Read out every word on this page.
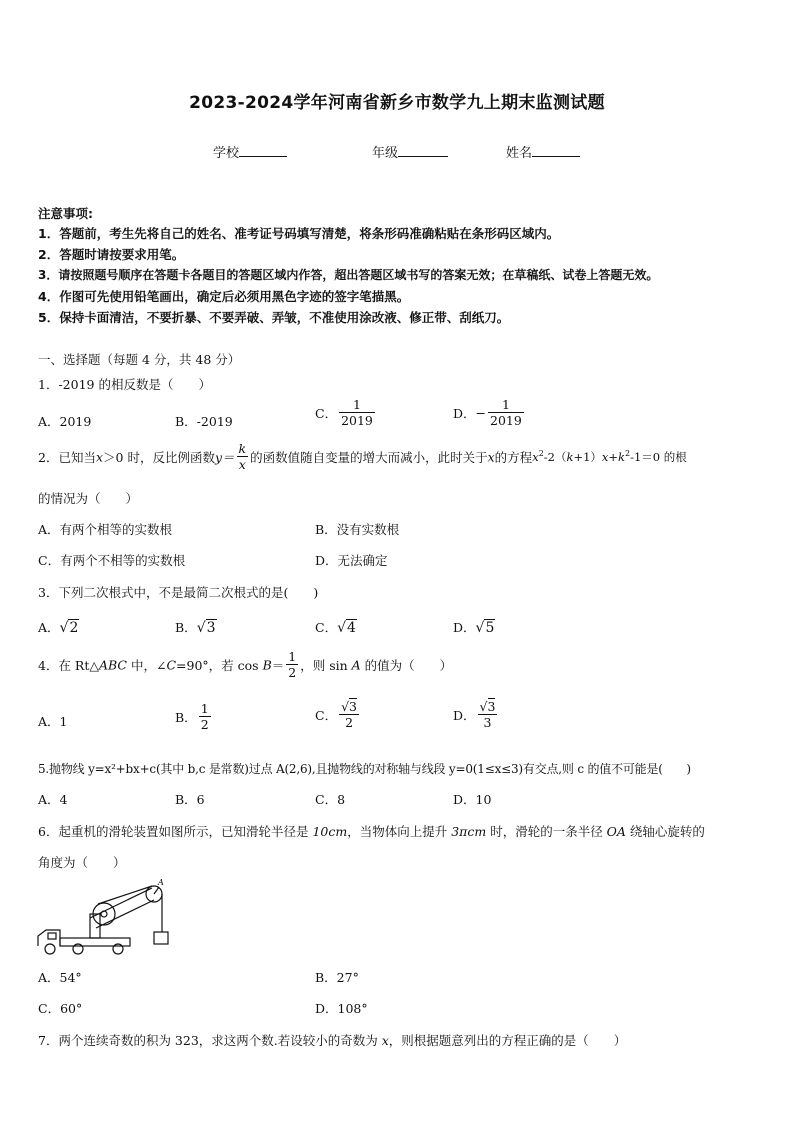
2023-2024学年河南省新乡市数学九上期末监测试题
学校	年级	姓名
注意事项:
1．答题前，考生先将自己的姓名、准考证号码填写清楚，将条形码准确粘贴在条形码区域内。
2．答题时请按要求用笔。
3．请按照题号顺序在答题卡各题目的答题区域内作答，超出答题区域书写的答案无效；在草稿纸、试卷上答题无效。
4．作图可先使用铅笔画出，确定后必须用黑色字迹的签字笔描黑。
5．保持卡面清洁，不要折暴、不要弄破、弄皱，不准使用涂改液、修正带、刮纸刀。
一、选择题（每题 4 分，共 48 分）
1．-2019 的相反数是（　　）
A．2019	B．-2019
C． $\frac{1}{2019}$	D．− $\frac{1}{2019}$
2．已知当x＞0 时，反比例函数$y= \frac{k}{x}$ 的函数值随自变量的增大而减小，此时关于x的方程$x^2-2(k+1)x+k^2-1=0$ 的根
的情况为（　　）
A．有两个相等的实数根	B．没有实数根
C．有两个不相等的实数根	D．无法确定
3．下列二次根式中，不是最简二次根式的是(　　)
A．√2	B．√3	C．√4	D．√5
4．在 Rt△ABC 中，∠C=90°，若 $\cos B= \frac{1}{2}$ ，则 sin A 的值为（　　）
A．1	B． $\frac{1}{2}$	C． $\frac{√3}{2}$	D． $\frac{√3}{3}$
5.抛物线 y=x²+bx+c(其中 b,c 是常数)过点 A(2,6),且抛物线的对称轴与线段 y=0(1≤x≤3)有交点,则 c 的值不可能是(　　)
A．4	B．6	C．8	D．10
6．起重机的滑轮装置如图所示，已知滑轮半径是 10cm，当物体向上提升 3πcm 时，滑轮的一条半径 OA 绕轴心旋转的
角度为（　　）
A
A．54°	B．27°
C．60°	D．108°
7．两个连续奇数的积为 323，求这两个数.若设较小的奇数为 x，则根据题意列出的方程正确的是（　　）
